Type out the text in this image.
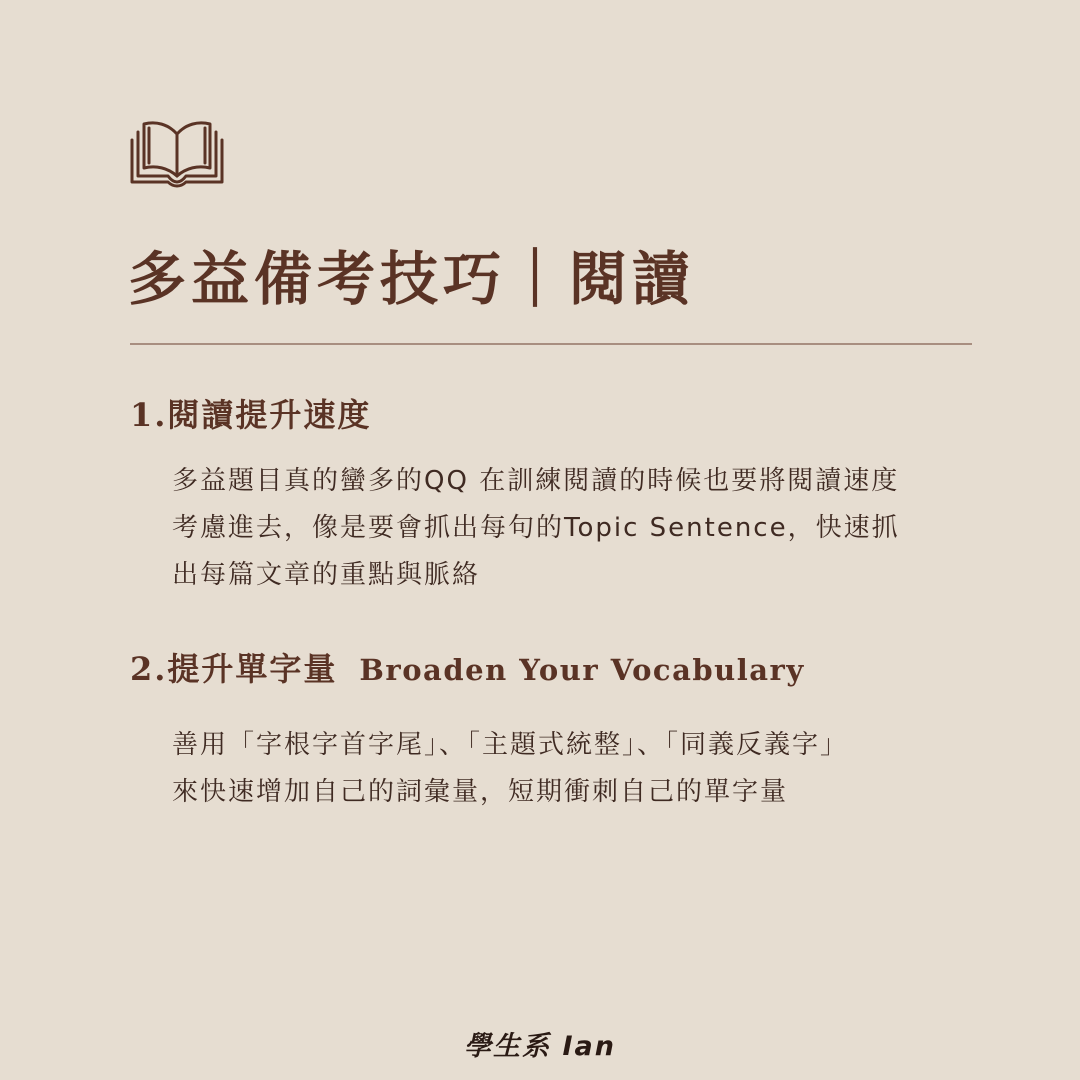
多益備考技巧｜閱讀
1.閱讀提升速度

多益題目真的蠻多的QQ 在訓練閱讀的時候也要將閱讀速度
考慮進去，像是要會抓出每句的Topic Sentence，快速抓
出每篇文章的重點與脈絡

2.提升單字量 Broaden Your Vocabulary

善用「字根字首字尾」、「主題式統整」、「同義反義字」
來快速增加自己的詞彙量，短期衝刺自己的單字量

學生系 Ian
